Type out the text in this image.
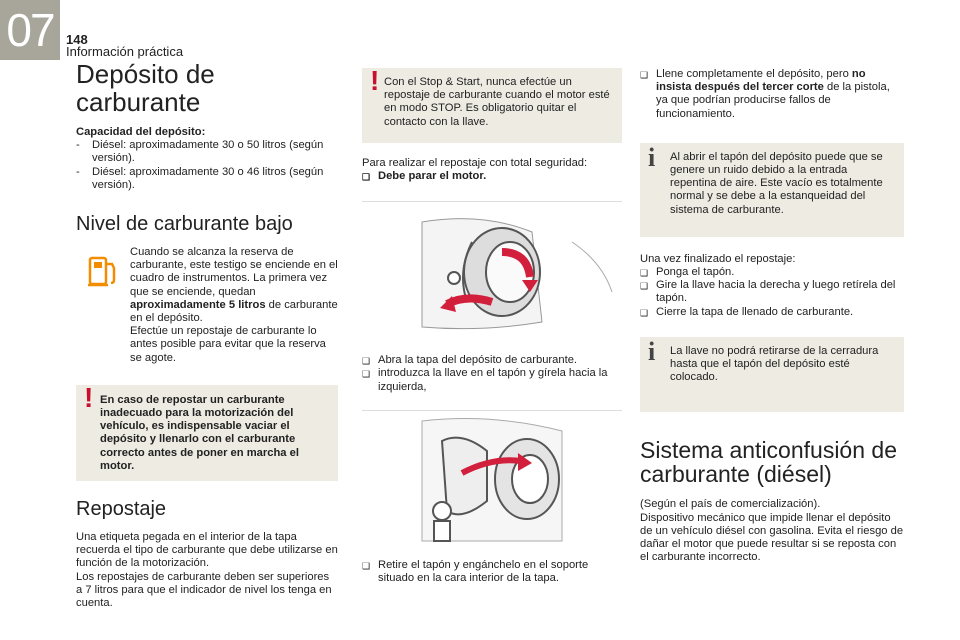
07 148
Información práctica
Depósito de carburante

Capacidad del depósito:

- Diésel: aproximadamente 30 o 50 litros (según versión).
- Diésel: aproximadamente 30 o 46 litros (según versión).
Nivel de carburante bajo

Cuando se alcanza la reserva de carburante, este testigo se enciende en el cuadro de instrumentos. La primera vez que se enciende, quedan aproximadamente 5 litros de carburante en el depósito.

Efectúe un repostaje de carburante lo antes posible para evitar que la reserva se agote.

! En caso de repostar un carburante inadecuado para la motorización del vehículo, es indispensable vaciar el depósito y llenarlo con el carburante correcto antes de poner en marcha el motor.

Repostaje

Una etiqueta pegada en el interior de la tapa recuerda el tipo de carburante que debe utilizarse en función de la motorización.

Los repostajes de carburante deben ser superiores a 7 litros para que el indicador de nivel los tenga en cuenta.

! Con el Stop & Start, nunca efectúe un repostaje de carburante cuando el motor esté en modo STOP. Es obligatorio quitar el contacto con la llave.

Para realizar el repostaje con total seguridad:

❑ Debe parar el motor.
❑ Abra la tapa del depósito de carburante.
❑ introduzca la llave en el tapón y gírela hacia la izquierda,
❑ Retire el tapón y engánchelo en el soporte situado en la cara interior de la tapa.
❑ Llene completamente el depósito, pero no insista después del tercer corte de la pistola, ya que podrían producirse fallos de funcionamiento.
i Al abrir el tapón del depósito puede que se genere un ruido debido a la entrada repentina de aire. Este vacío es totalmente normal y se debe a la estanqueidad del sistema de carburante.

Una vez finalizado el repostaje:

❑ Ponga el tapón.
❑ Gire la llave hacia la derecha y luego retírela del tapón.
❑ Cierre la tapa de llenado de carburante.
i La llave no podrá retirarse de la cerradura hasta que el tapón del depósito esté colocado.

Sistema anticonfusión de carburante (diésel)

(Según el país de comercialización).

Dispositivo mecánico que impide llenar el depósito de un vehículo diésel con gasolina. Evita el riesgo de dañar el motor que puede resultar si se reposta con el carburante incorrecto.
